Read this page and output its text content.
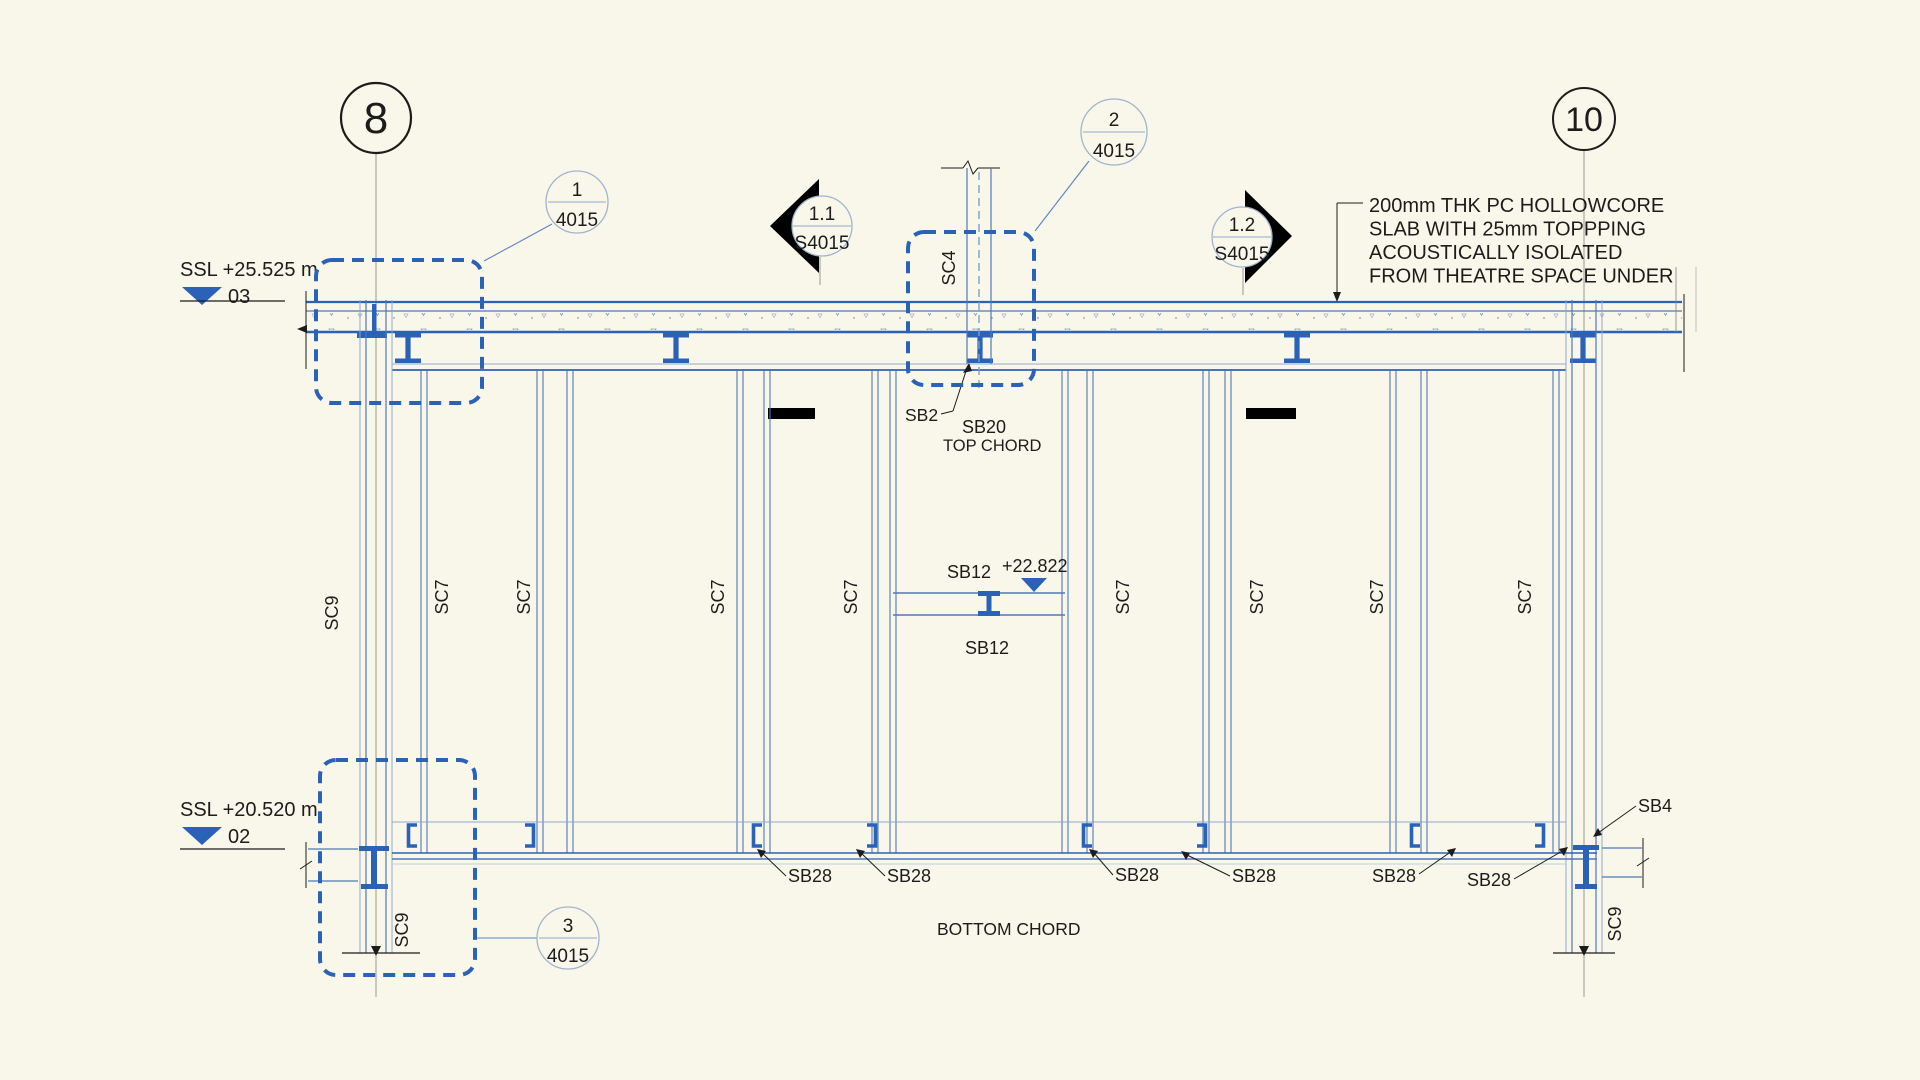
8	10
SSL +25.525 m
03
SSL +20.520 m
02
SC9
SC4
SC7	SC7	SC7	SC7	SC7	SC7	SC7	SC7
SB2
SB20
TOP CHORD
SB12 +22.822
SB12
BOTTOM CHORD
SB28	SB28	SB28	SB28	SB28	SB28
SC9
SB4
SC9
1
4015
2
4015
3
4015
1.1
S4015
1.2
S4015
200mm THK PC HOLLOWCORE
SLAB WITH 25mm TOPPPING
ACOUSTICALLY ISOLATED
FROM THEATRE SPACE UNDER
